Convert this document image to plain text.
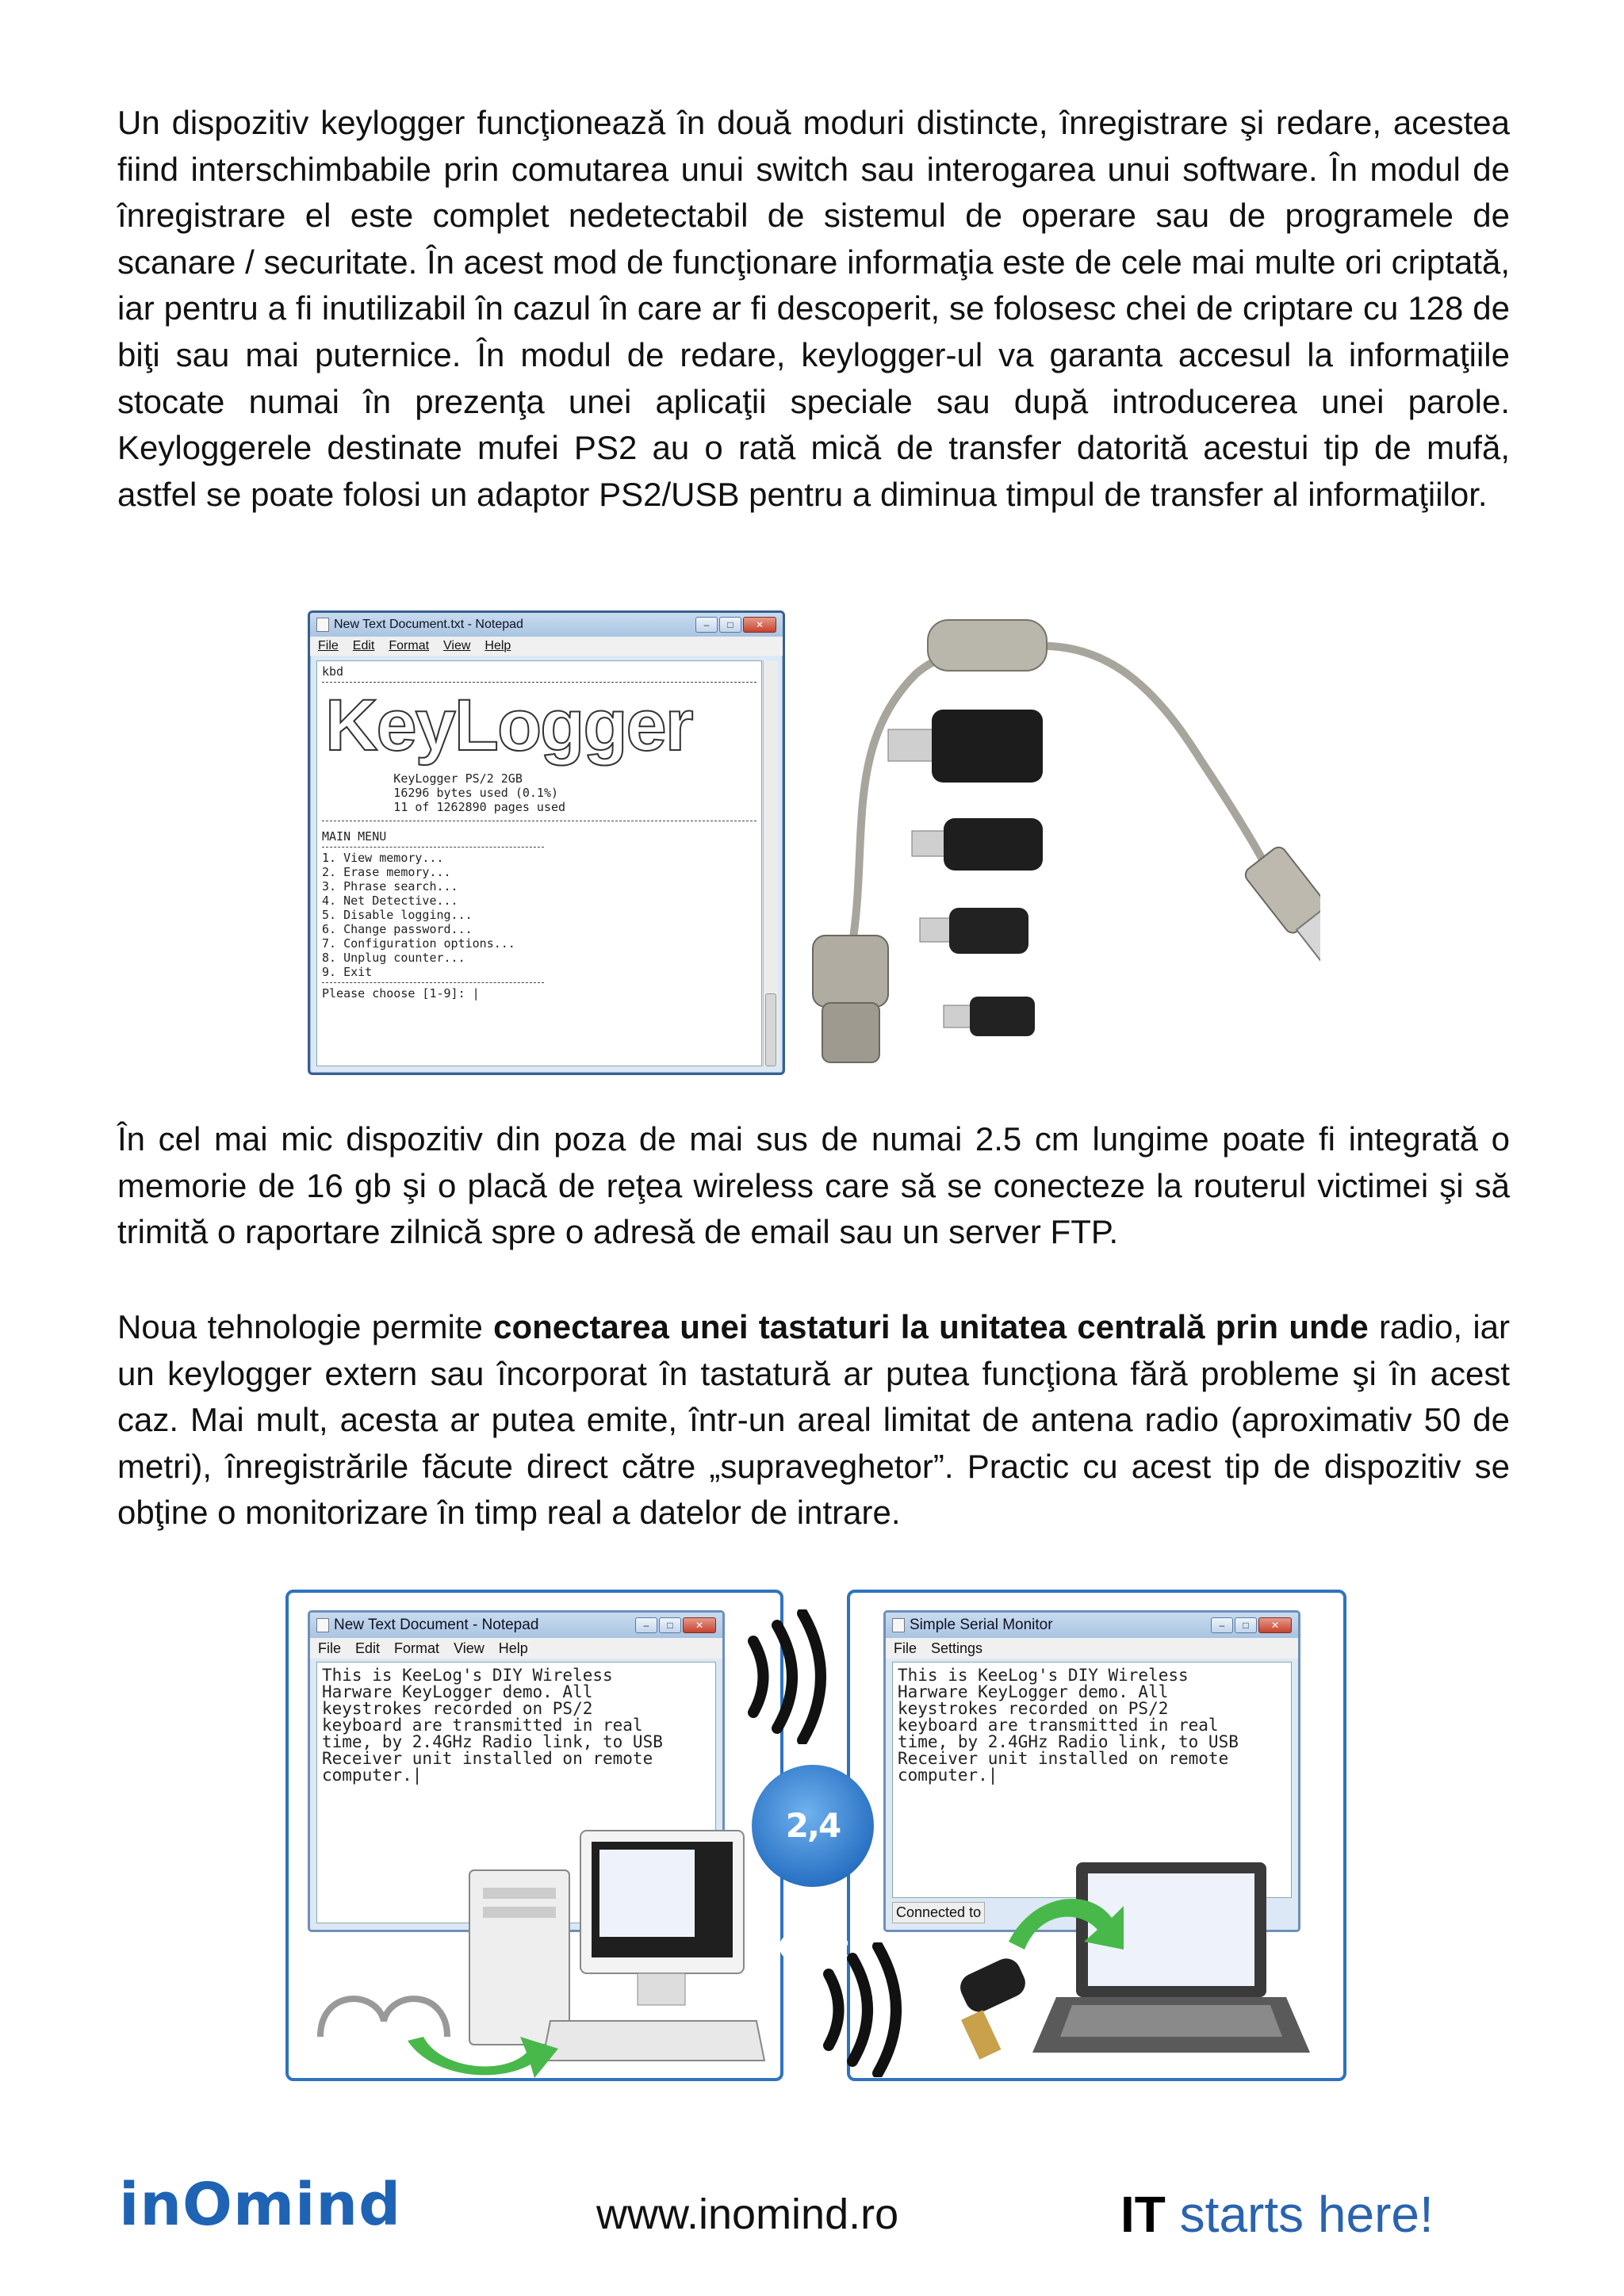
Un dispozitiv keylogger funcţionează în două moduri distincte, înregistrare şi redare, acestea fiind interschimbabile prin comutarea unui switch sau interogarea unui software. În modul de înregistrare el este complet nedetectabil de sistemul de operare sau de programele de scanare / securitate. În acest mod de funcţionare informaţia este de cele mai multe ori criptată, iar pentru a fi inutilizabil în cazul în care ar fi descoperit, se folosesc chei de criptare cu 128 de biţi sau mai puternice. În modul de redare, keylogger-ul va garanta accesul la informaţiile stocate numai în prezenţa unei aplicaţii speciale sau după introducerea unei parole. Keyloggerele destinate mufei PS2 au o rată mică de transfer datorită acestui tip de mufă, astfel se poate folosi un adaptor PS2/USB pentru a diminua timpul de transfer al informaţiilor.

New Text Document.txt - Notepad	–	□	✕
File Edit Format View Help
kbd
KeyLogger
KeyLogger PS/2 2GB
16296 bytes used (0.1%)
11 of 1262890 pages used
MAIN MENU
1. View memory...
2. Erase memory...
3. Phrase search...
4. Net Detective...
5. Disable logging...
6. Change password...
7. Configuration options...
8. Unplug counter...
9. Exit
Please choose [1-9]: |

În cel mai mic dispozitiv din poza de mai sus de numai 2.5 cm lungime poate fi integrată o memorie de 16 gb şi o placă de reţea wireless care să se conecteze la routerul victimei şi să trimită o raportare zilnică spre o adresă de email sau un server FTP.

Noua tehnologie permite conectarea unei tastaturi la unitatea centrală prin unde radio, iar un keylogger extern sau încorporat în tastatură ar putea funcţiona fără probleme şi în acest caz. Mai mult, acesta ar putea emite, într-un areal limitat de antena radio (aproximativ 50 de metri), înregistrările făcute direct către „supraveghetor”. Practic cu acest tip de dispozitiv se obţine o monitorizare în timp real a datelor de intrare.

New Text Document - Notepad	–	□	✕
File Edit Format View Help
This is KeeLog's DIY Wireless
Harware KeyLogger demo. All
keystrokes recorded on PS/2
keyboard are transmitted in real
time, by 2.4GHz Radio link, to USB
Receiver unit installed on remote
computer.|
Simple Serial Monitor	–	□	✕
File Settings
This is KeeLog's DIY Wireless
Harware KeyLogger demo. All
keystrokes recorded on PS/2
keyboard are transmitted in real
time, by 2.4GHz Radio link, to USB
Receiver unit installed on remote
computer.|
Connected to
2,4 GHz
inOmind	www.inomind.ro	IT starts here!
